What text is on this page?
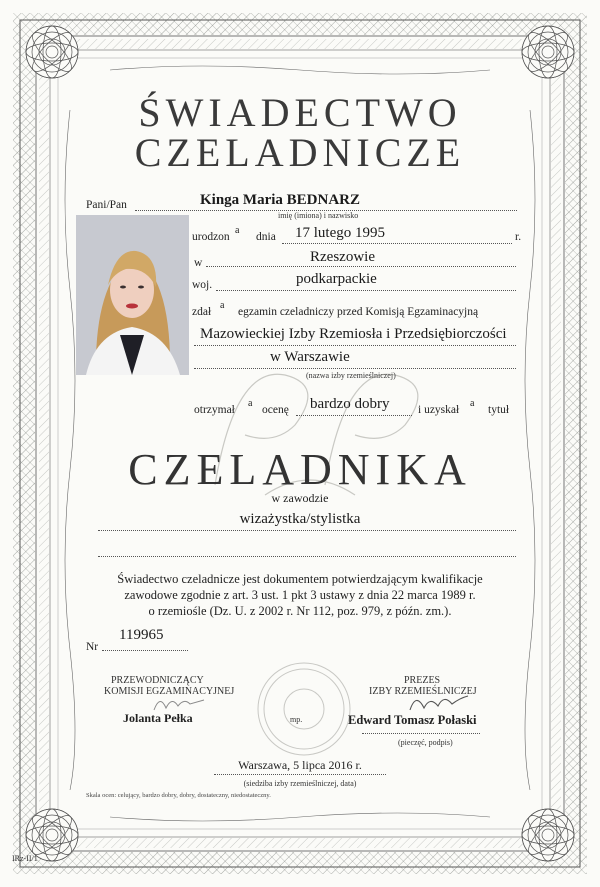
ŚWIADECTWO
CZELADNICZE
Pani/Pan	Kinga Maria BEDNARZ
imię (imiona) i nazwisko
urodzon
a
dnia 17 lutego 1995	r.
w	Rzeszowie
woj.	podkarpackie
zdał
a
egzamin czeladniczy przed Komisją Egzaminacyjną
Mazowieckiej Izby Rzemiosła i Przedsiębiorczości
w Warszawie
(nazwa izby rzemieślniczej)
otrzymał
a
ocenę bardzo dobry i uzyskał
a
tytuł
CZELADNIKA
w zawodzie
wizażystka/stylistka
Świadectwo czeladnicze jest dokumentem potwierdzającym kwalifikacje
zawodowe zgodnie z art. 3 ust. 1 pkt 3 ustawy z dnia 22 marca 1989 r.
o rzemiośle (Dz. U. z 2002 r. Nr 112, poz. 979, z późn. zm.).
Nr
119965
PRZEWODNICZĄCY
KOMISJI EGZAMINACYJNEJ
Jolanta Pełka	mp.
PREZES
IZBY RZEMIEŚLNICZEJ
Edward Tomasz Połaski
(pieczęć, podpis)
Warszawa, 5 lipca 2016 r.
(siedziba izby rzemieślniczej, data)
Skala ocen: celujący, bardzo dobry, dobry, dostateczny, niedostateczny.
IRz-II/1
